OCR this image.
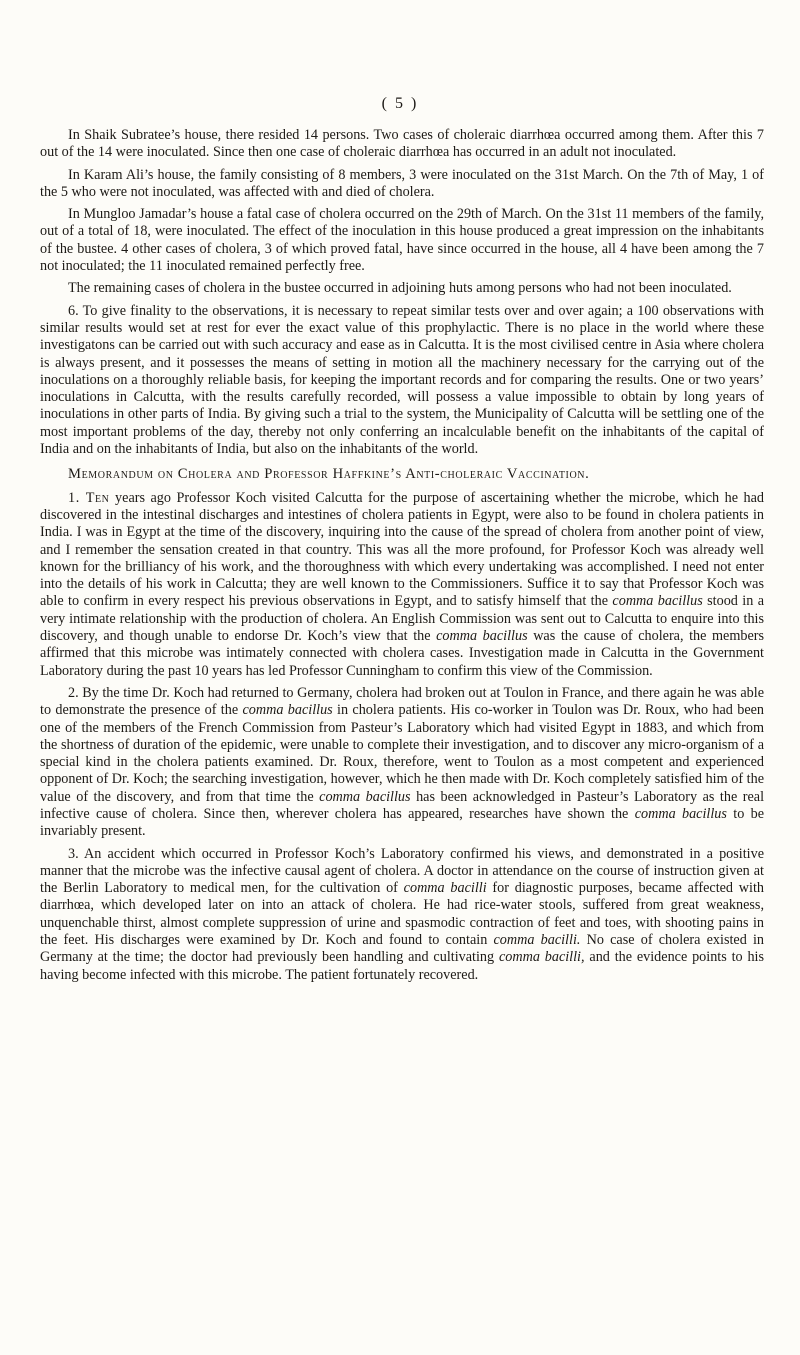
( 5 )

In Shaik Subratee’s house, there resided 14 persons. Two cases of choleraic diarrhœa occurred among them. After this 7 out of the 14 were inoculated. Since then one case of choleraic diarrhœa has occurred in an adult not inoculated.

In Karam Ali’s house, the family consisting of 8 members, 3 were inoculated on the 31st March. On the 7th of May, 1 of the 5 who were not inoculated, was affected with and died of cholera.

In Mungloo Jamadar’s house a fatal case of cholera occurred on the 29th of March. On the 31st 11 members of the family, out of a total of 18, were inoculated. The effect of the inoculation in this house produced a great impression on the inhabitants of the bustee. 4 other cases of cholera, 3 of which proved fatal, have since occurred in the house, all 4 have been among the 7 not inoculated; the 11 inoculated remained perfectly free.

The remaining cases of cholera in the bustee occurred in adjoining huts among persons who had not been inoculated.

6. To give finality to the observations, it is necessary to repeat similar tests over and over again; a 100 observations with similar results would set at rest for ever the exact value of this prophylactic. There is no place in the world where these investigatons can be carried out with such accuracy and ease as in Calcutta. It is the most civilised centre in Asia where cholera is always present, and it possesses the means of setting in motion all the machinery necessary for the carrying out of the inoculations on a thoroughly reliable basis, for keeping the important records and for comparing the results. One or two years’ inoculations in Calcutta, with the results carefully recorded, will possess a value impossible to obtain by long years of inoculations in other parts of India. By giving such a trial to the system, the Municipality of Calcutta will be settling one of the most important problems of the day, thereby not only conferring an incalculable benefit on the inhabitants of the capital of India and on the inhabitants of India, but also on the inhabitants of the world.

Memorandum on Cholera and Professor Haffkine’s Anti-choleraic Vaccination.

1. Ten years ago Professor Koch visited Calcutta for the purpose of ascertaining whether the microbe, which he had discovered in the intestinal discharges and intestines of cholera patients in Egypt, were also to be found in cholera patients in India. I was in Egypt at the time of the discovery, inquiring into the cause of the spread of cholera from another point of view, and I remember the sensation created in that country. This was all the more profound, for Professor Koch was already well known for the brilliancy of his work, and the thoroughness with which every undertaking was accomplished. I need not enter into the details of his work in Calcutta; they are well known to the Commissioners. Suffice it to say that Professor Koch was able to confirm in every respect his previous observations in Egypt, and to satisfy himself that the comma bacillus stood in a very intimate relationship with the production of cholera. An English Commission was sent out to Calcutta to enquire into this discovery, and though unable to endorse Dr. Koch’s view that the comma bacillus was the cause of cholera, the members affirmed that this microbe was intimately connected with cholera cases. Investigation made in Calcutta in the Government Laboratory during the past 10 years has led Professor Cunningham to confirm this view of the Commission.

2. By the time Dr. Koch had returned to Germany, cholera had broken out at Toulon in France, and there again he was able to demonstrate the presence of the comma bacillus in cholera patients. His co-worker in Toulon was Dr. Roux, who had been one of the members of the French Commission from Pasteur’s Laboratory which had visited Egypt in 1883, and which from the shortness of duration of the epidemic, were unable to complete their investigation, and to discover any micro-organism of a special kind in the cholera patients examined. Dr. Roux, therefore, went to Toulon as a most competent and experienced opponent of Dr. Koch; the searching investigation, however, which he then made with Dr. Koch completely satisfied him of the value of the discovery, and from that time the comma bacillus has been acknowledged in Pasteur’s Laboratory as the real infective cause of cholera. Since then, wherever cholera has appeared, researches have shown the comma bacillus to be invariably present.

3. An accident which occurred in Professor Koch’s Laboratory confirmed his views, and demonstrated in a positive manner that the microbe was the infective causal agent of cholera. A doctor in attendance on the course of instruction given at the Berlin Laboratory to medical men, for the cultivation of comma bacilli for diagnostic purposes, became affected with diarrhœa, which developed later on into an attack of cholera. He had rice-water stools, suffered from great weakness, unquenchable thirst, almost complete suppression of urine and spasmodic contraction of feet and toes, with shooting pains in the feet. His discharges were examined by Dr. Koch and found to contain comma bacilli. No case of cholera existed in Germany at the time; the doctor had previously been handling and cultivating comma bacilli, and the evidence points to his having become infected with this microbe. The patient fortunately recovered.
